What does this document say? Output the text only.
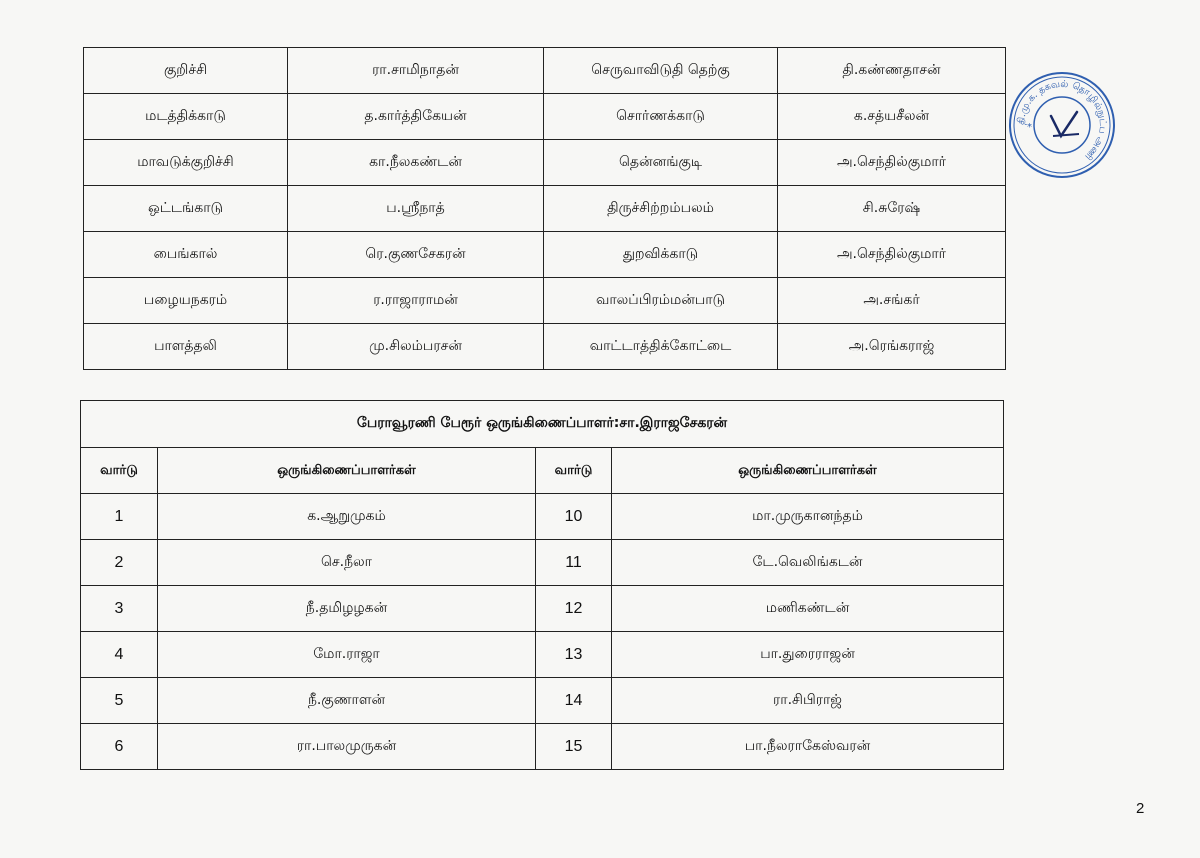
குறிச்சி	ரா.சாமிநாதன்	செருவாவிடுதி தெற்கு	தி.கண்ணதாசன்
மடத்திக்காடு	த.கார்த்திகேயன்	சொர்ணக்காடு	க.சத்யசீலன்
மாவடுக்குறிச்சி	கா.நீலகண்டன்	தென்னங்குடி	அ.செந்தில்குமார்
ஒட்டங்காடு	ப.ஸ்ரீநாத்	திருச்சிற்றம்பலம்	சி.சுரேஷ்
பைங்கால்	ரெ.குணசேகரன்	துறவிக்காடு	அ.செந்தில்குமார்
பழையநகரம்	ர.ராஜாராமன்	வாலப்பிரம்மன்பாடு	அ.சங்கர்
பாளத்தலி	மு.சிலம்பரசன்	வாட்டாத்திக்கோட்டை	அ.ரெங்கராஜ்
பேராவூரணி பேரூர் ஒருங்கிணைப்பாளர்:சா.இராஜசேகரன்			
வார்டு	ஒருங்கிணைப்பாளர்கள்	வார்டு	ஒருங்கிணைப்பாளர்கள்
1	க.ஆறுமுகம்	10	மா.முருகானந்தம்
2	செ.நீலா	11	டே.வெலிங்கடன்
3	நீ.தமிழழகன்	12	மணிகண்டன்
4	மோ.ராஜா	13	பா.துரைராஜன்
5	நீ.குணாளன்	14	ரா.சிபிராஜ்
6	ரா.பாலமுருகன்	15	பா.நீலராகேஸ்வரன்
தி.மு.க. தகவல் தொழில்நுட்ப அணி
*
2
